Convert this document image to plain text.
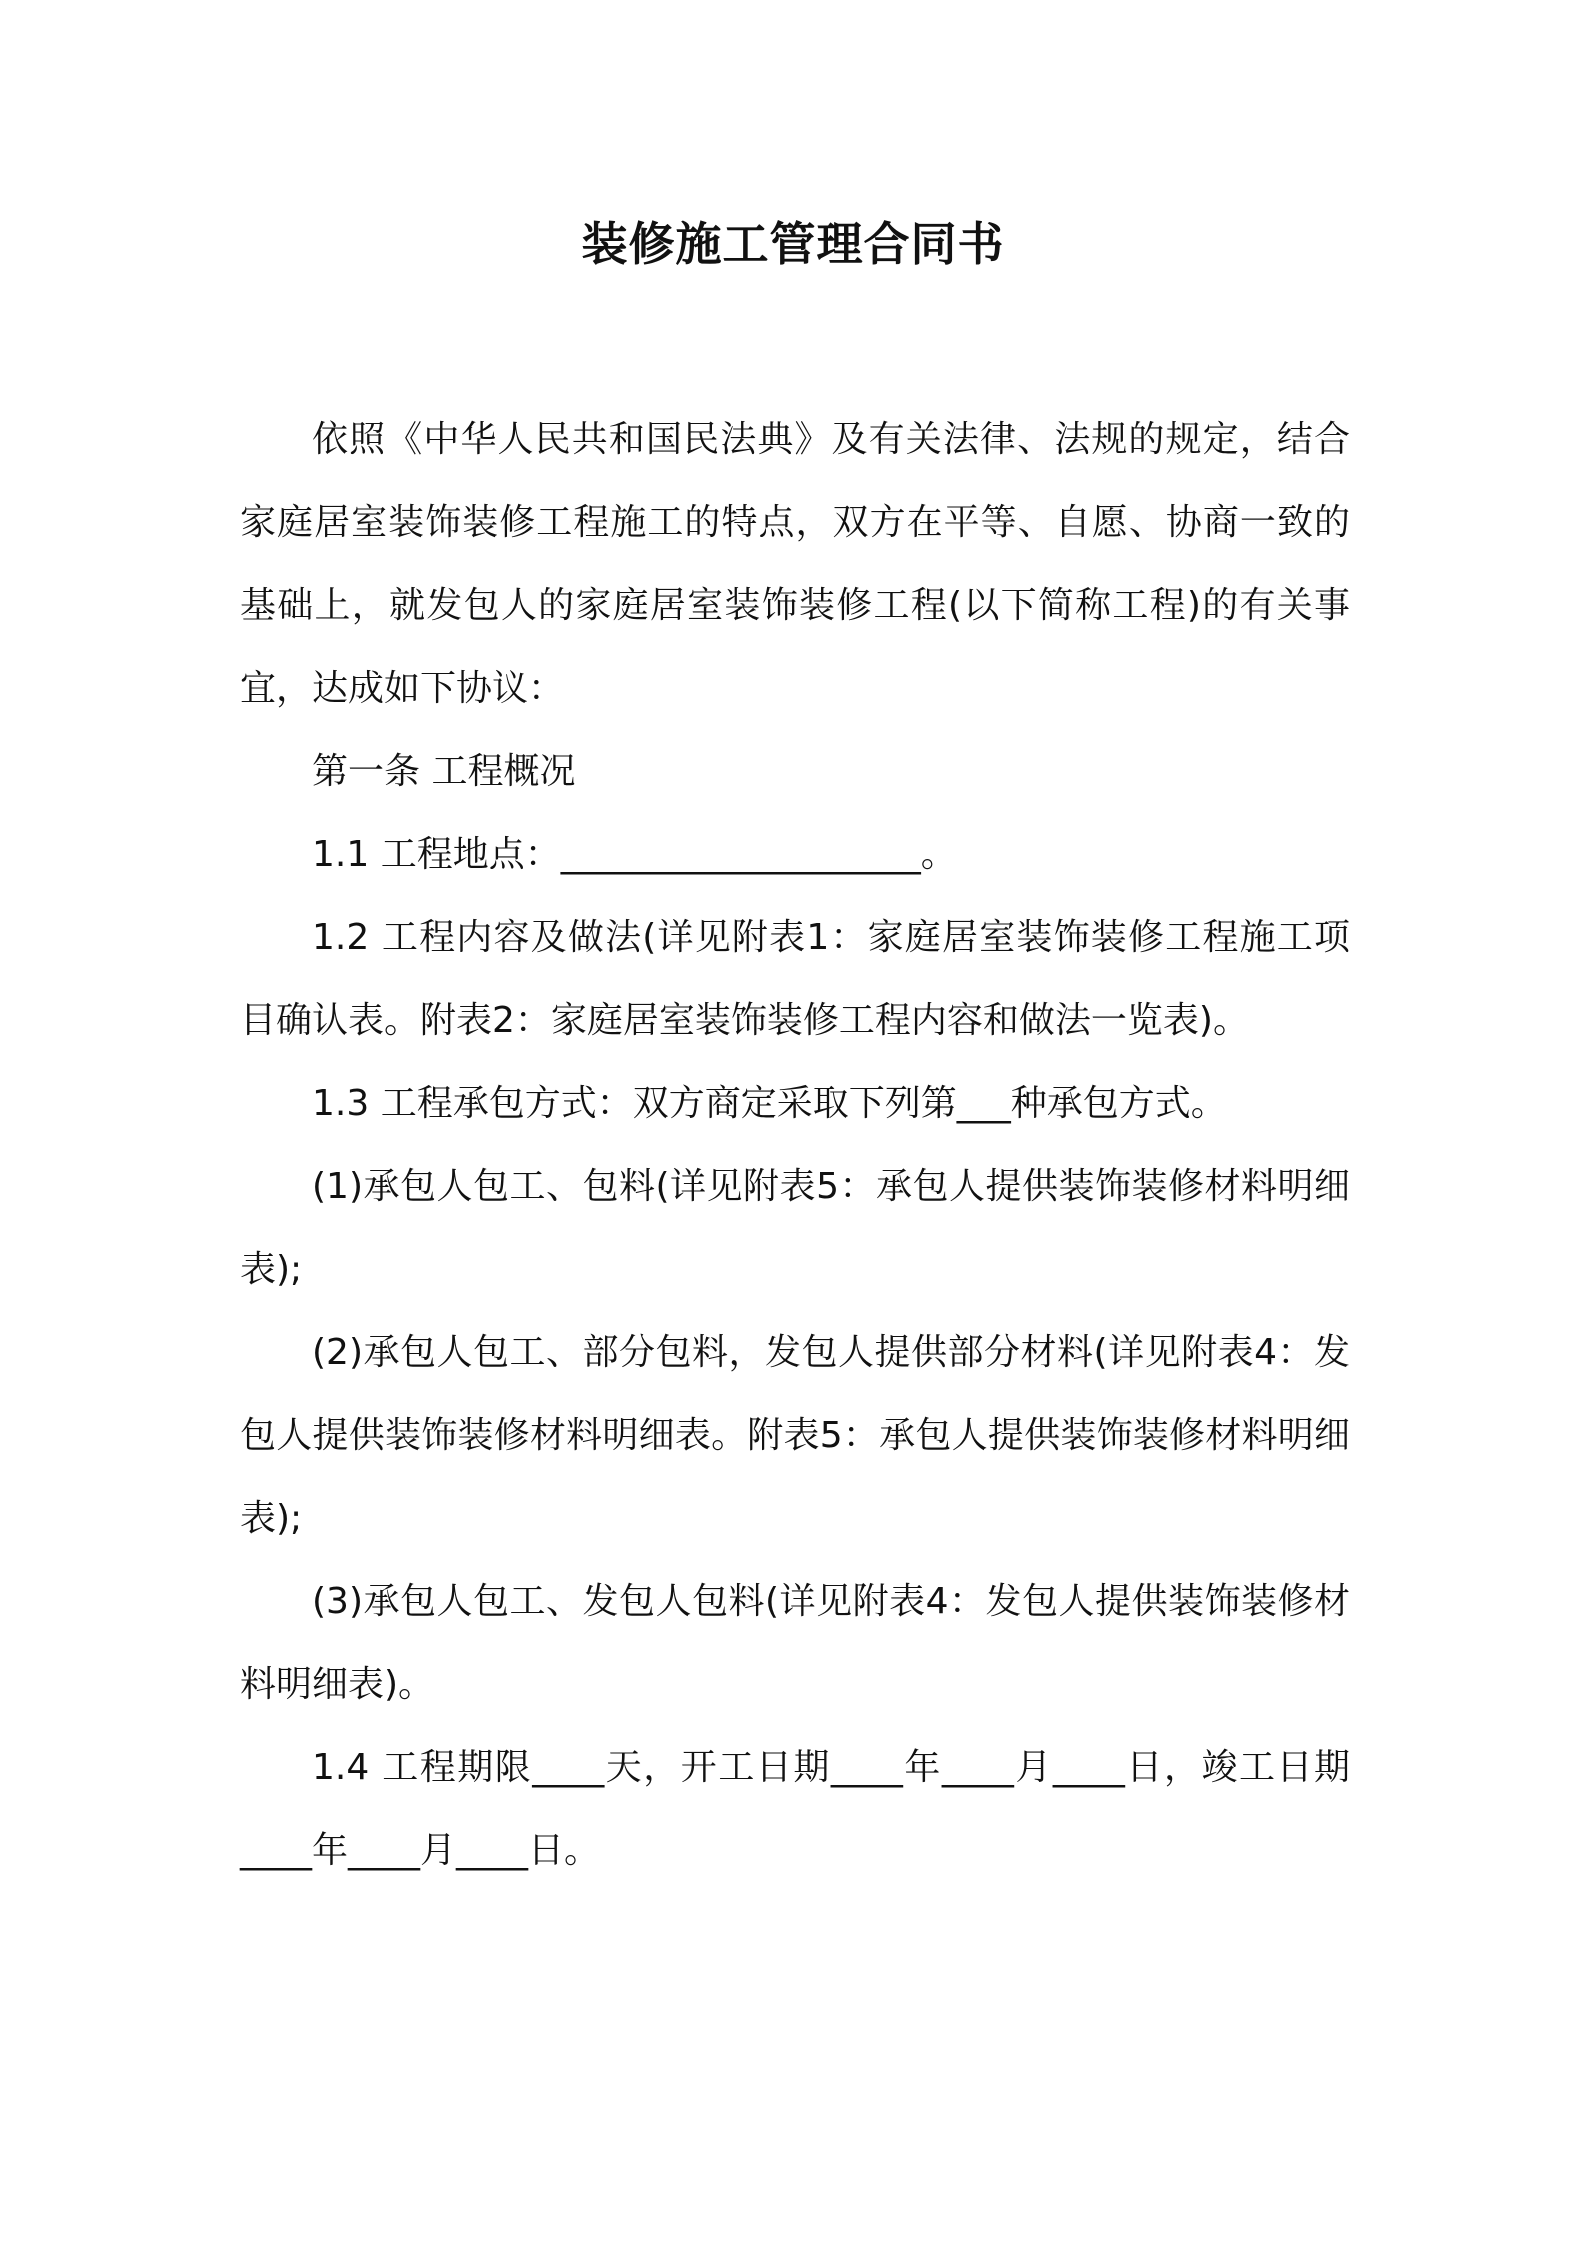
装修施工管理合同书

依照《中华人民共和国民法典》及有关法律、法规的规定，结合家庭居室装饰装修工程施工的特点，双方在平等、自愿、协商一致的基础上，就发包人的家庭居室装饰装修工程(以下简称工程)的有关事宜，达成如下协议：

第一条 工程概况

1.1 工程地点：____________________。

1.2 工程内容及做法(详见附表1：家庭居室装饰装修工程施工项目确认表。附表2：家庭居室装饰装修工程内容和做法一览表)。

1.3 工程承包方式：双方商定采取下列第___种承包方式。

(1)承包人包工、包料(详见附表5：承包人提供装饰装修材料明细表);

(2)承包人包工、部分包料，发包人提供部分材料(详见附表4：发包人提供装饰装修材料明细表。附表5：承包人提供装饰装修材料明细表);

(3)承包人包工、发包人包料(详见附表4：发包人提供装饰装修材料明细表)。

1.4 工程期限____天，开工日期____年____月____日，竣工日期____年____月____日。
